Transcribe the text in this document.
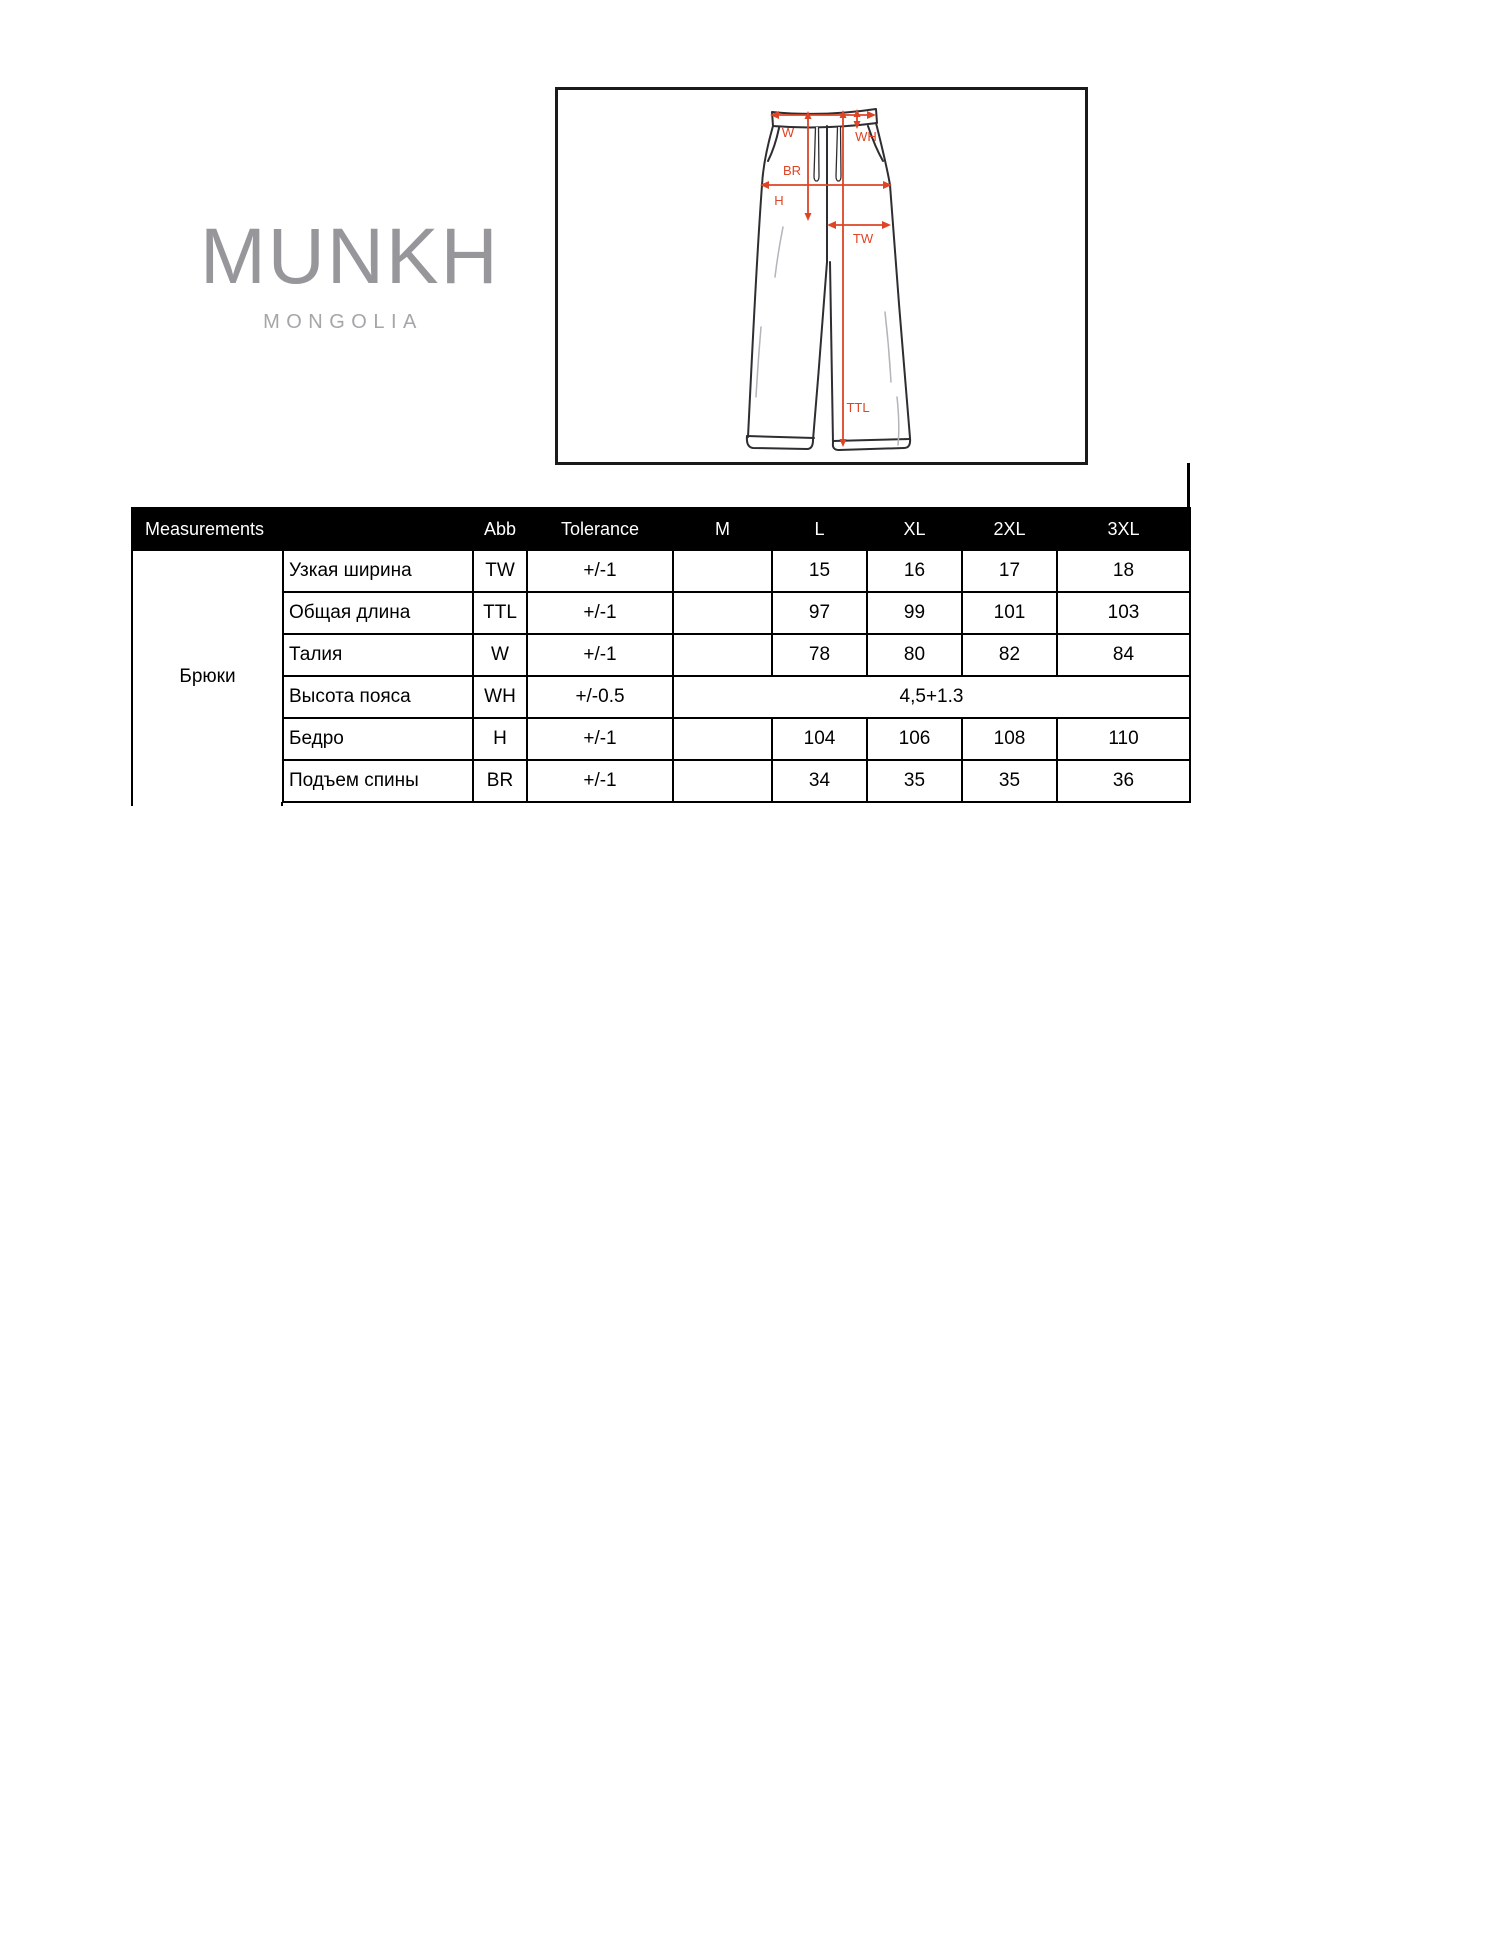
MUNKH
MONGOLIA
W	WH
BR
H
TW
TTL
Measurements		Abb	Tolerance	M	L	XL	2XL	3XL
Брюки	Узкая ширина	TW	+/-1		15	16	17	18
	Общая длина	TTL	+/-1		97	99	101	103
	Талия	W	+/-1		78	80	82	84
	Высота пояса	WH	+/-0.5	4,5+1.3				
	Бедро	H	+/-1		104	106	108	110
	Подъем спины	BR	+/-1		34	35	35	36
